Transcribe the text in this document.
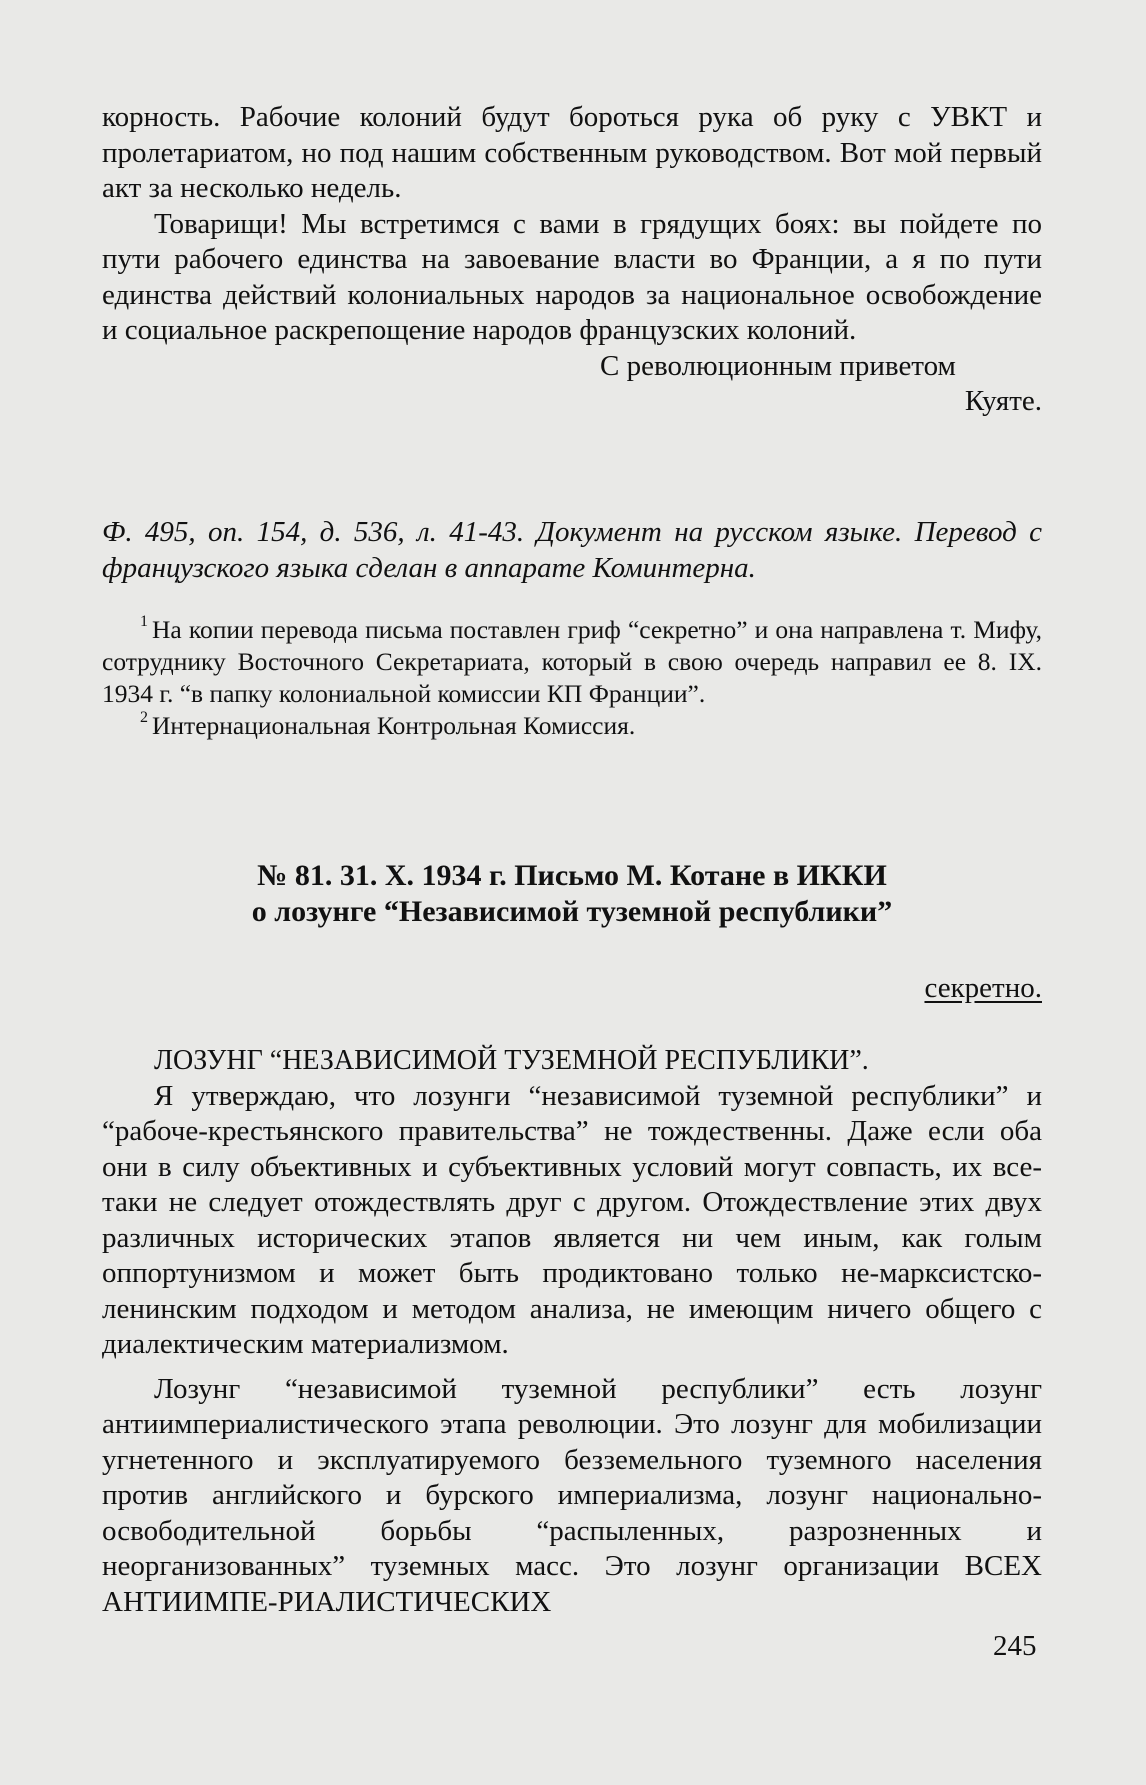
корность. Рабочие колоний будут бороться рука об руку с УВКТ и пролетариатом, но под нашим собственным руководством. Вот мой первый акт за несколько недель.

Товарищи! Мы встретимся с вами в грядущих боях: вы пойдете по пути рабочего единства на завоевание власти во Франции, а я по пути единства действий колониальных народов за национальное освобождение и социальное раскрепощение народов французских колоний.

С революционным приветом

Куяте.

Ф. 495, оп. 154, д. 536, л. 41-43. Документ на русском языке. Перевод с французского языка сделан в аппарате Коминтерна.

$^1$ На копии перевода письма поставлен гриф “секретно” и она направлена т. Мифу, сотруднику Восточного Секретариата, который в свою очередь направил ее 8. IX. 1934 г. “в папку колониальной комиссии КП Франции”.

$^2$ Интернациональная Контрольная Комиссия.

№ 81. 31. X. 1934 г. Письмо М. Котане в ИККИ

о лозунге “Независимой туземной республики”

секретно.

ЛОЗУНГ “НЕЗАВИСИМОЙ ТУЗЕМНОЙ РЕСПУБЛИКИ”.

Я утверждаю, что лозунги “независимой туземной республики” и “рабоче-крестьянского правительства” не тождественны. Даже если оба они в силу объективных и субъективных условий могут совпасть, их все-таки не следует отождествлять друг с другом. Отождествление этих двух различных исторических этапов является ни чем иным, как голым оппортунизмом и может быть продиктовано только не-марксистско-ленинским подходом и методом анализа, не имеющим ничего общего с диалектическим материализмом.

Лозунг “независимой туземной республики” есть лозунг антиимпериалистического этапа революции. Это лозунг для мобилизации угнетенного и эксплуатируемого безземельного туземного населения против английского и бурского империализма, лозунг национально-освободительной борьбы “распыленных, разрозненных и неорганизованных” туземных масс. Это лозунг организации ВСЕХ АНТИИМПЕ-РИАЛИСТИЧЕСКИХ

245
